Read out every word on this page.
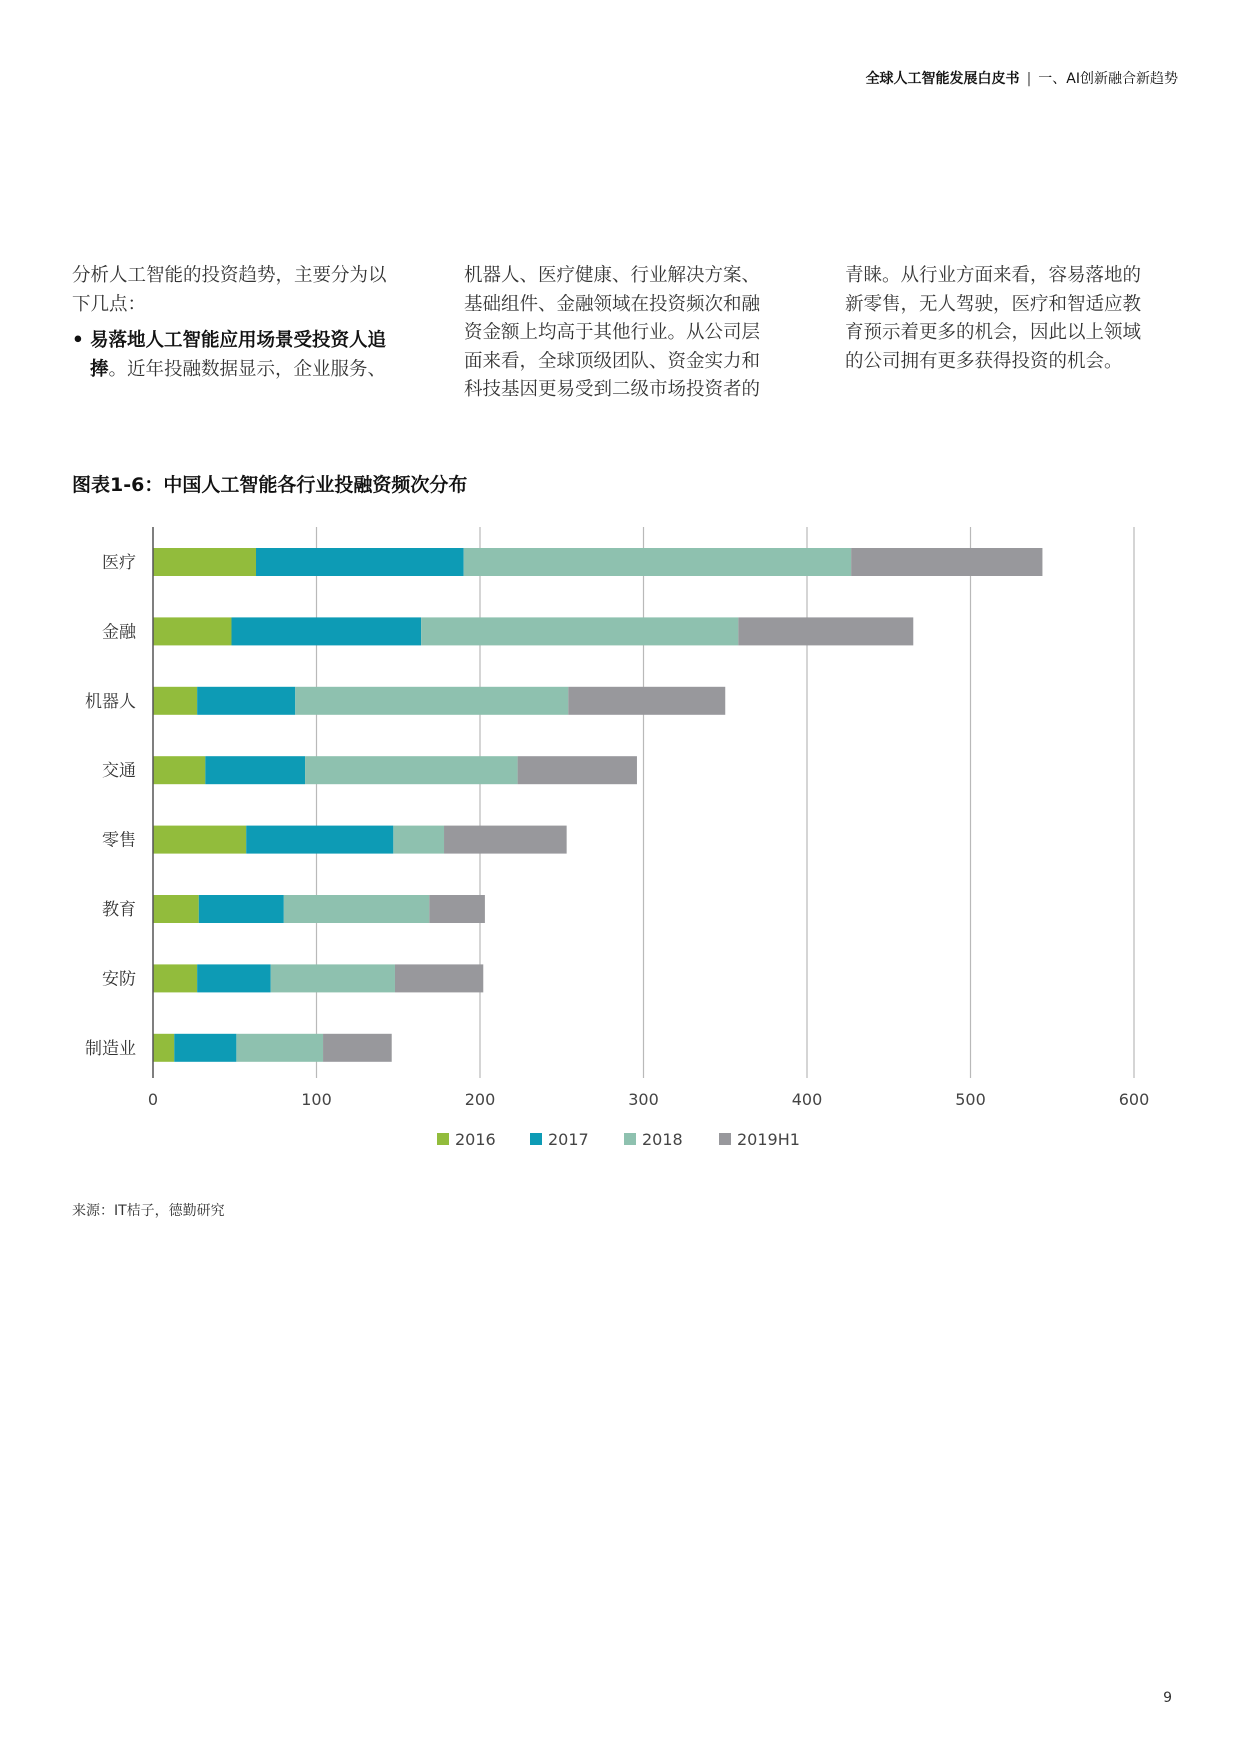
全球人工智能发展白皮书 | 一、AI创新融合新趋势

分析人工智能的投资趋势，主要分为以

下几点：

• 易落地人工智能应用场景受投资人追
捧。近年投融数据显示，企业服务、

机器人、医疗健康、行业解决方案、

基础组件、金融领域在投资频次和融

资金额上均高于其他行业。从公司层

面来看，全球顶级团队、资金实力和

科技基因更易受到二级市场投资者的

青睐。从行业方面来看，容易落地的

新零售，无人驾驶，医疗和智适应教

育预示着更多的机会，因此以上领域

的公司拥有更多获得投资的机会。

图表1-6：中国人工智能各行业投融资频次分布
医疗
金融
机器人
交通
零售
教育
安防
制造业
0	100	200	300	400	500	600
2016	2017	2018	2019H1
来源：IT桔子，德勤研究
9
